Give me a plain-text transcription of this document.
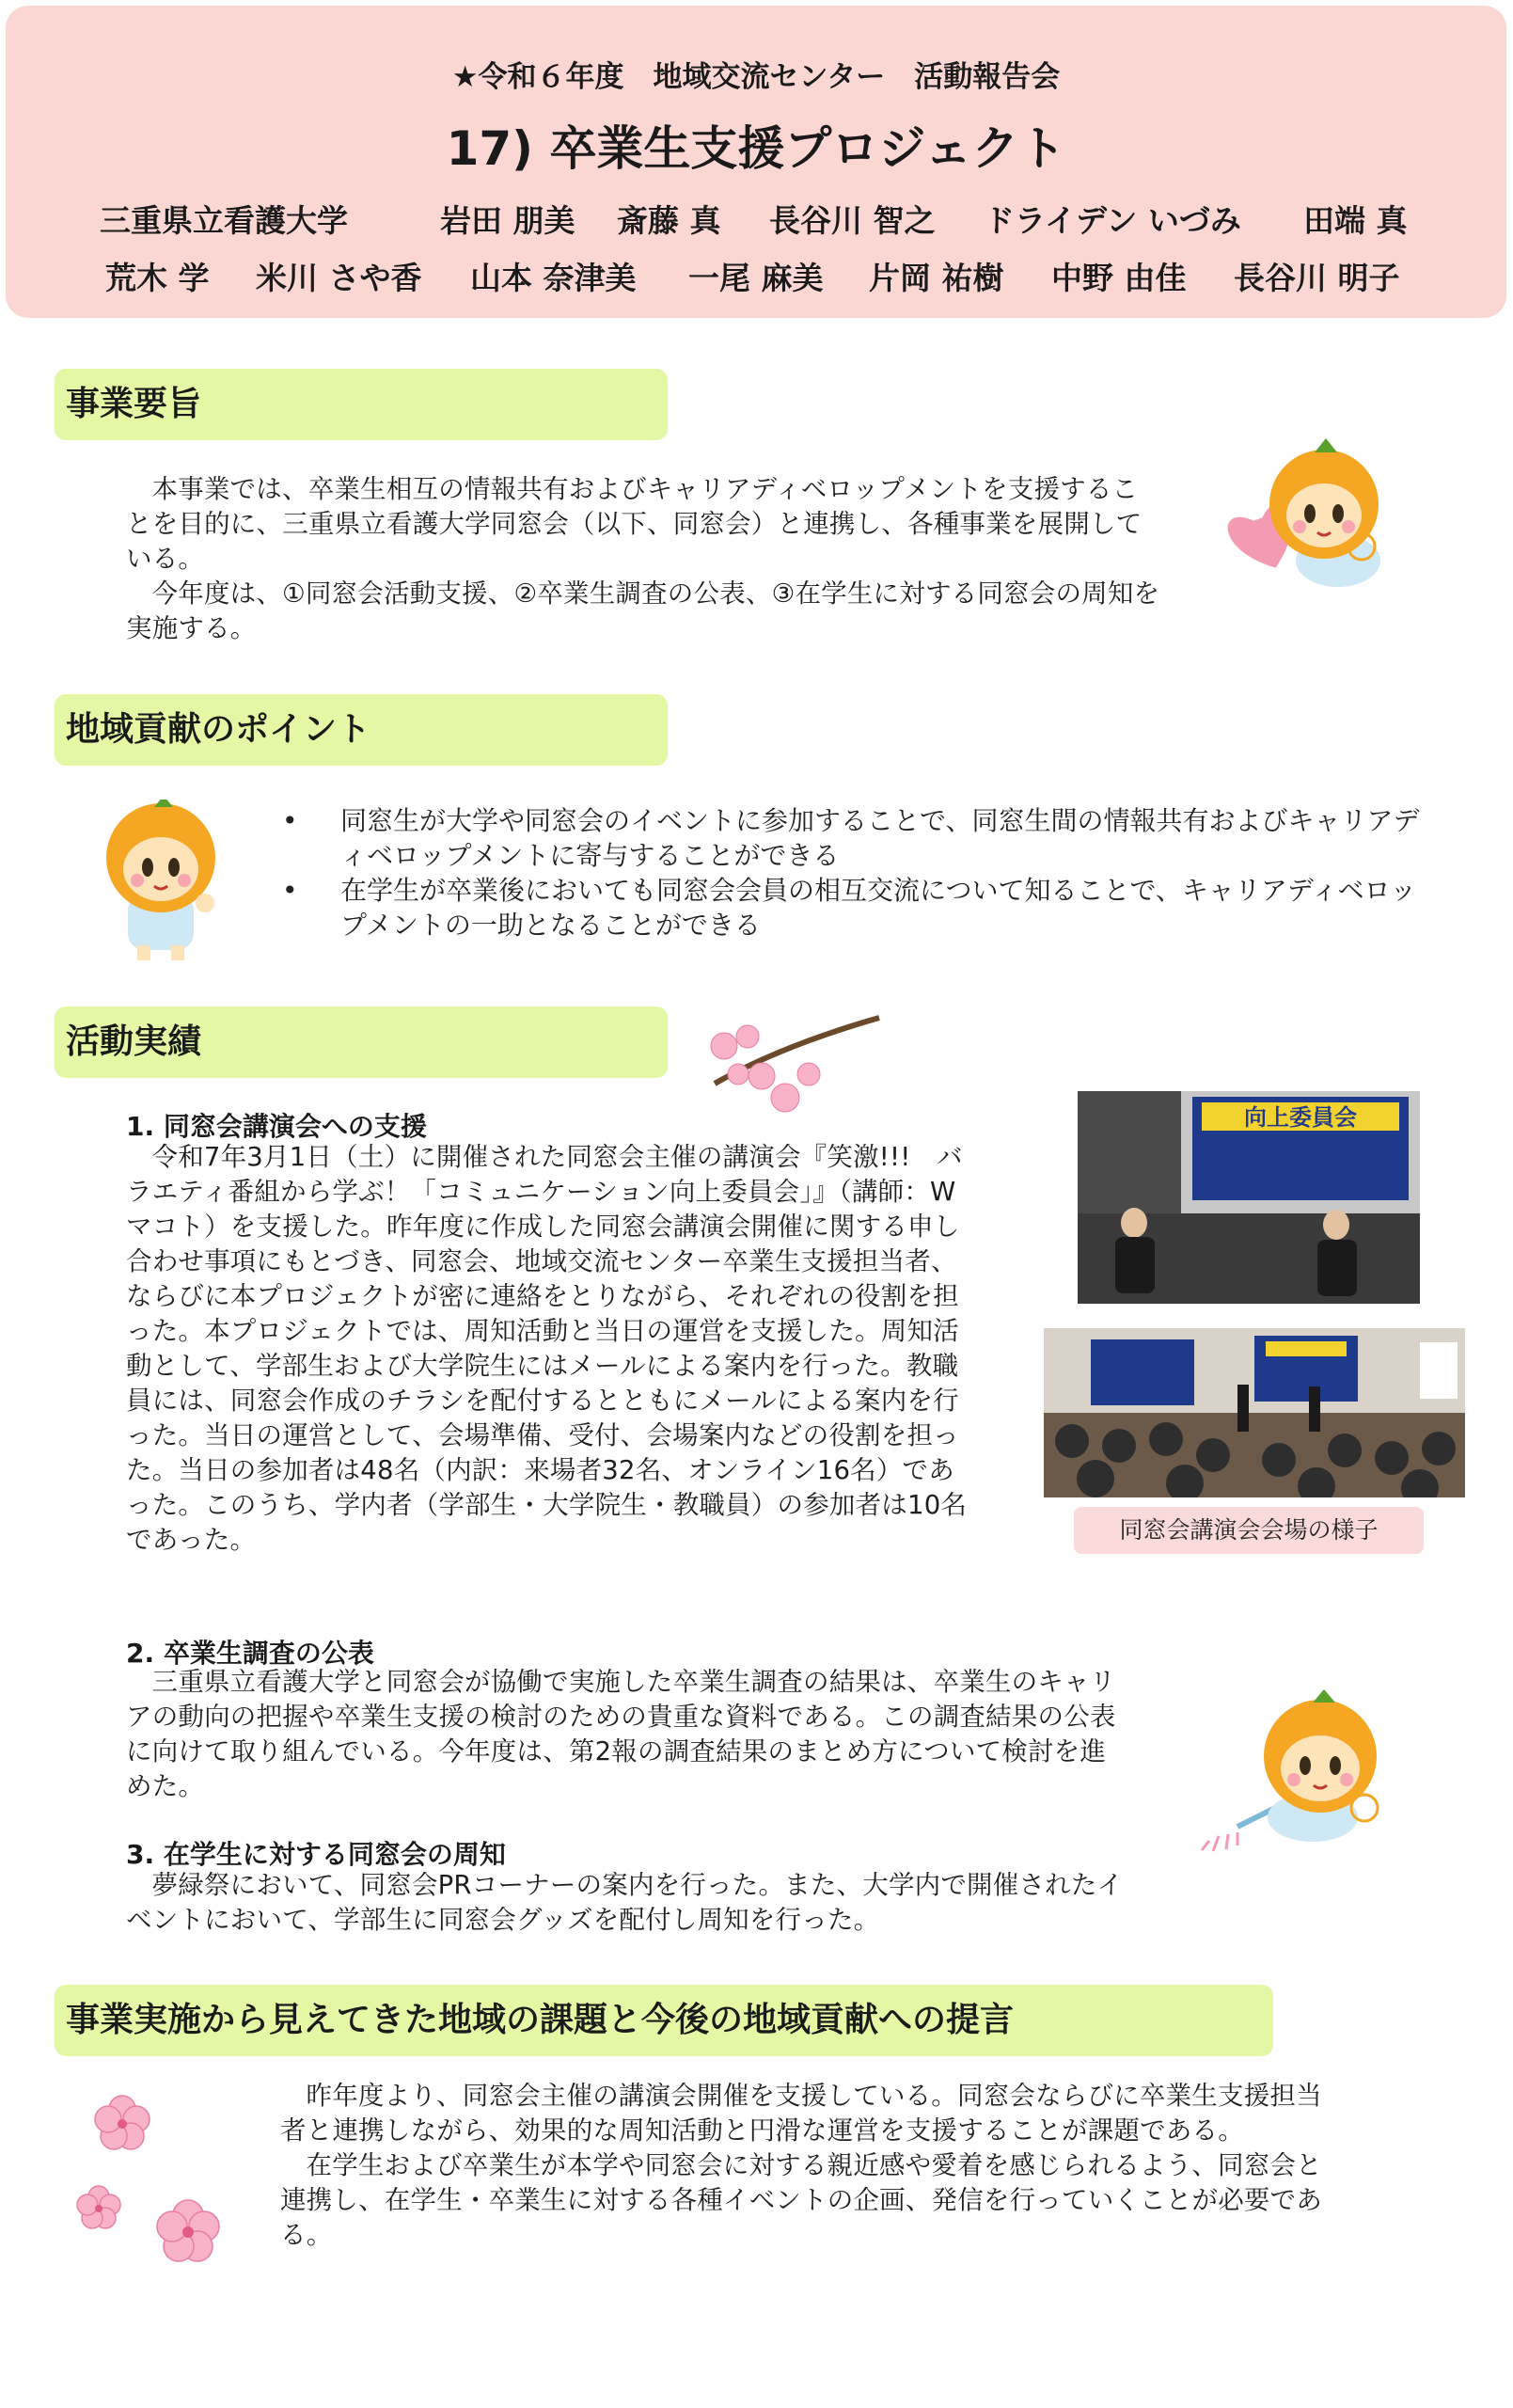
★令和６年度　地域交流センター　活動報告会
17) 卒業生支援プロジェクト
三重県立看護大学	岩田 朋美 斎藤 真 長谷川 智之 ドライデン いづみ 田端 真
荒木 学 米川 さや香 山本 奈津美 一尾 麻美 片岡 祐樹 中野 由佳 長谷川 明子
事業要旨

本事業では、卒業生相互の情報共有およびキャリアディベロップメントを支援することを目的に、三重県立看護大学同窓会（以下、同窓会）と連携し、各種事業を展開している。

今年度は、①同窓会活動支援、②卒業生調査の公表、③在学生に対する同窓会の周知を実施する。

地域貢献のポイント
• 同窓生が大学や同窓会のイベントに参加することで、同窓生間の情報共有およびキャリアディベロップメントに寄与することができる
• 在学生が卒業後においても同窓会会員の相互交流について知ることで、キャリアディベロップメントの一助となることができる
活動実績
1. 同窓会講演会への支援

令和7年3月1日（土）に開催された同窓会主催の講演会『笑激!!!　バラエティ番組から学ぶ！「コミュニケーション向上委員会」』（講師：Wマコト）を支援した。昨年度に作成した同窓会講演会開催に関する申し合わせ事項にもとづき、同窓会、地域交流センター卒業生支援担当者、ならびに本プロジェクトが密に連絡をとりながら、それぞれの役割を担った。本プロジェクトでは、周知活動と当日の運営を支援した。周知活動として、学部生および大学院生にはメールによる案内を行った。教職員には、同窓会作成のチラシを配付するとともにメールによる案内を行った。当日の運営として、会場準備、受付、会場案内などの役割を担った。当日の参加者は48名（内訳：来場者32名、オンライン16名）であった。このうち、学内者（学部生・大学院生・教職員）の参加者は10名であった。

向上委員会
同窓会講演会会場の様子
2. 卒業生調査の公表

三重県立看護大学と同窓会が協働で実施した卒業生調査の結果は、卒業生のキャリアの動向の把握や卒業生支援の検討のための貴重な資料である。この調査結果の公表に向けて取り組んでいる。今年度は、第2報の調査結果のまとめ方について検討を進めた。

3. 在学生に対する同窓会の周知

夢緑祭において、同窓会PRコーナーの案内を行った。また、大学内で開催されたイベントにおいて、学部生に同窓会グッズを配付し周知を行った。

事業実施から見えてきた地域の課題と今後の地域貢献への提言

昨年度より、同窓会主催の講演会開催を支援している。同窓会ならびに卒業生支援担当者と連携しながら、効果的な周知活動と円滑な運営を支援することが課題である。

在学生および卒業生が本学や同窓会に対する親近感や愛着を感じられるよう、同窓会と連携し、在学生・卒業生に対する各種イベントの企画、発信を行っていくことが必要である。
